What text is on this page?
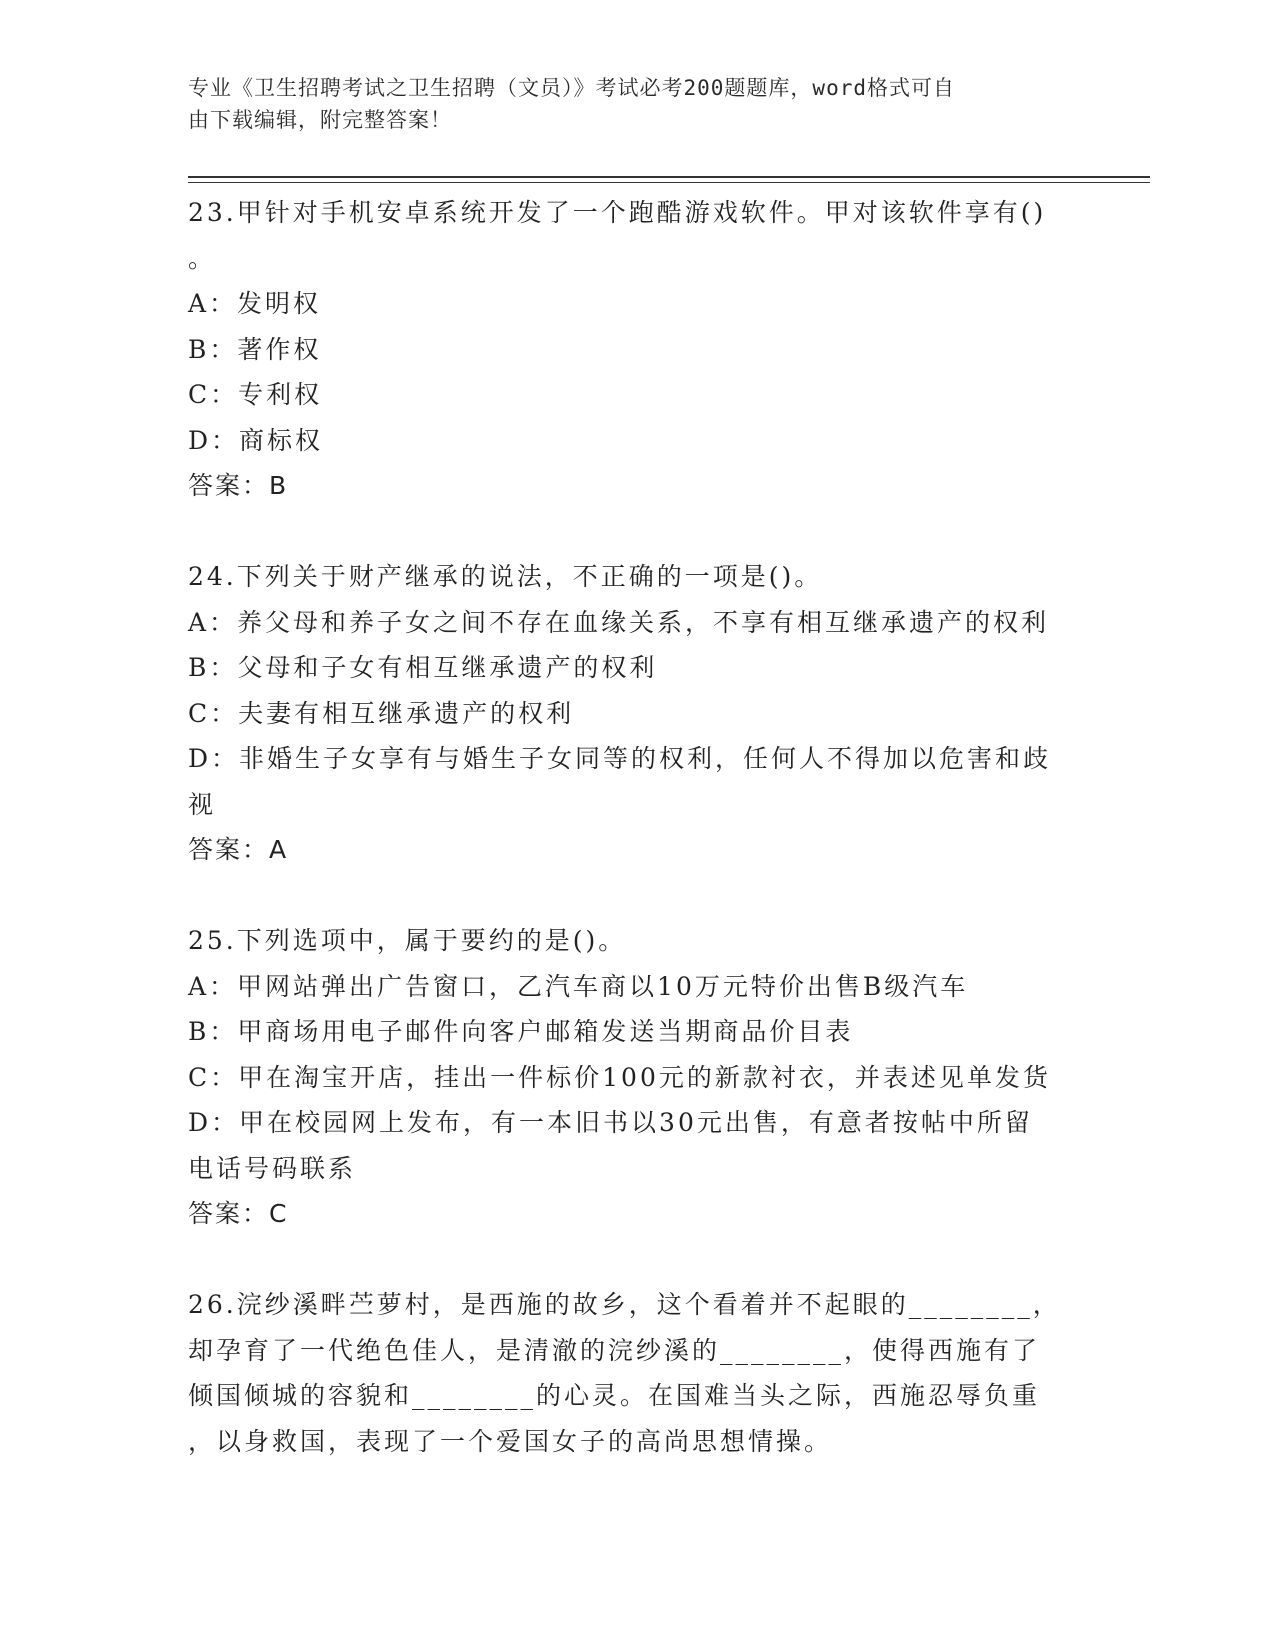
专业《卫生招聘考试之卫生招聘（文员）》考试必考200题题库，word格式可自
由下载编辑，附完整答案！

23.甲针对手机安卓系统开发了一个跑酷游戏软件。甲对该软件享有()

。

A：发明权

B：著作权

C：专利权

D：商标权

答案：B

24.下列关于财产继承的说法，不正确的一项是()。

A：养父母和养子女之间不存在血缘关系，不享有相互继承遗产的权利

B：父母和子女有相互继承遗产的权利

C：夫妻有相互继承遗产的权利

D：非婚生子女享有与婚生子女同等的权利，任何人不得加以危害和歧

视

答案：A

25.下列选项中，属于要约的是()。

A：甲网站弹出广告窗口，乙汽车商以10万元特价出售B级汽车

B：甲商场用电子邮件向客户邮箱发送当期商品价目表

C：甲在淘宝开店，挂出一件标价100元的新款衬衣，并表述见单发货

D：甲在校园网上发布，有一本旧书以30元出售，有意者按帖中所留

电话号码联系

答案：C

26.浣纱溪畔苎萝村，是西施的故乡，这个看着并不起眼的________，

却孕育了一代绝色佳人，是清澈的浣纱溪的________，使得西施有了

倾国倾城的容貌和________的心灵。在国难当头之际，西施忍辱负重

，以身救国，表现了一个爱国女子的高尚思想情操。
